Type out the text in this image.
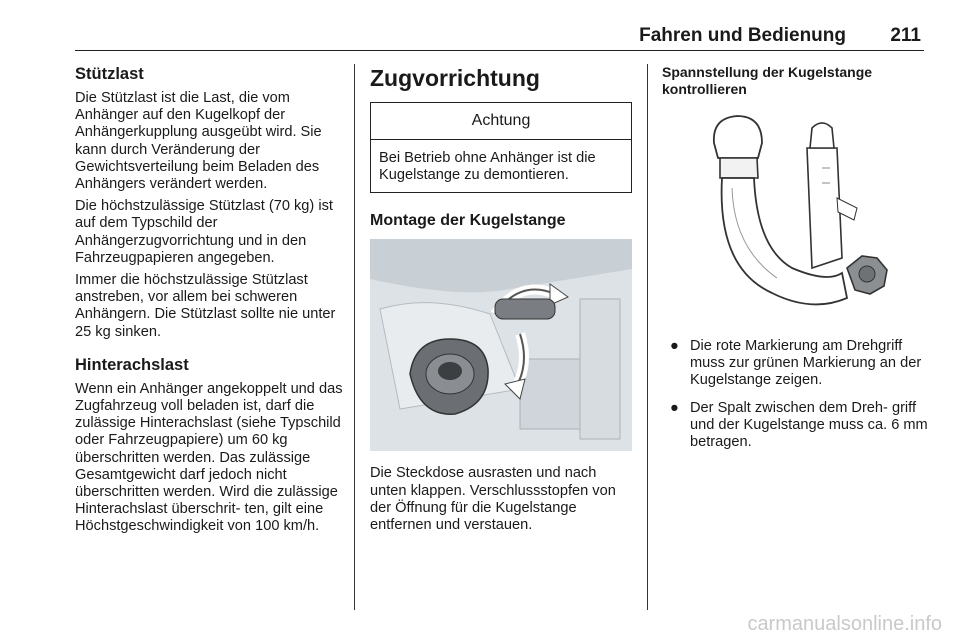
Fahren und Bedienung 211
Stützlast

Die Stützlast ist die Last, die vom Anhänger auf den Kugelkopf der Anhängerkupplung ausgeübt wird. Sie kann durch Veränderung der Gewichtsverteilung beim Beladen des Anhängers verändert werden.

Die höchstzulässige Stützlast (70 kg) ist auf dem Typschild der Anhängerzugvorrichtung und in den Fahrzeugpapieren angegeben.

Immer die höchstzulässige Stützlast anstreben, vor allem bei schweren Anhängern. Die Stützlast sollte nie unter 25 kg sinken.

Hinterachslast

Wenn ein Anhänger angekoppelt und das Zugfahrzeug voll beladen ist, darf die zulässige Hinterachslast (siehe Typschild oder Fahrzeugpapiere) um 60 kg überschritten werden. Das zulässige Gesamtgewicht darf jedoch nicht überschritten werden. Wird die zulässige Hinterachslast überschrit‐ ten, gilt eine Höchstgeschwindigkeit von 100 km/h.

Zugvorrichtung
Achtung
Bei Betrieb ohne Anhänger ist die Kugelstange zu demontieren.
Montage der Kugelstange

Die Steckdose ausrasten und nach unten klappen. Verschlussstopfen von der Öffnung für die Kugelstange entfernen und verstauen.

Spannstellung der Kugelstange kontrollieren
● Die rote Markierung am Drehgriff muss zur grünen Markierung an der Kugelstange zeigen.
● Der Spalt zwischen dem Dreh‐ griff und der Kugelstange muss ca. 6 mm betragen.
carmanualsonline.info
